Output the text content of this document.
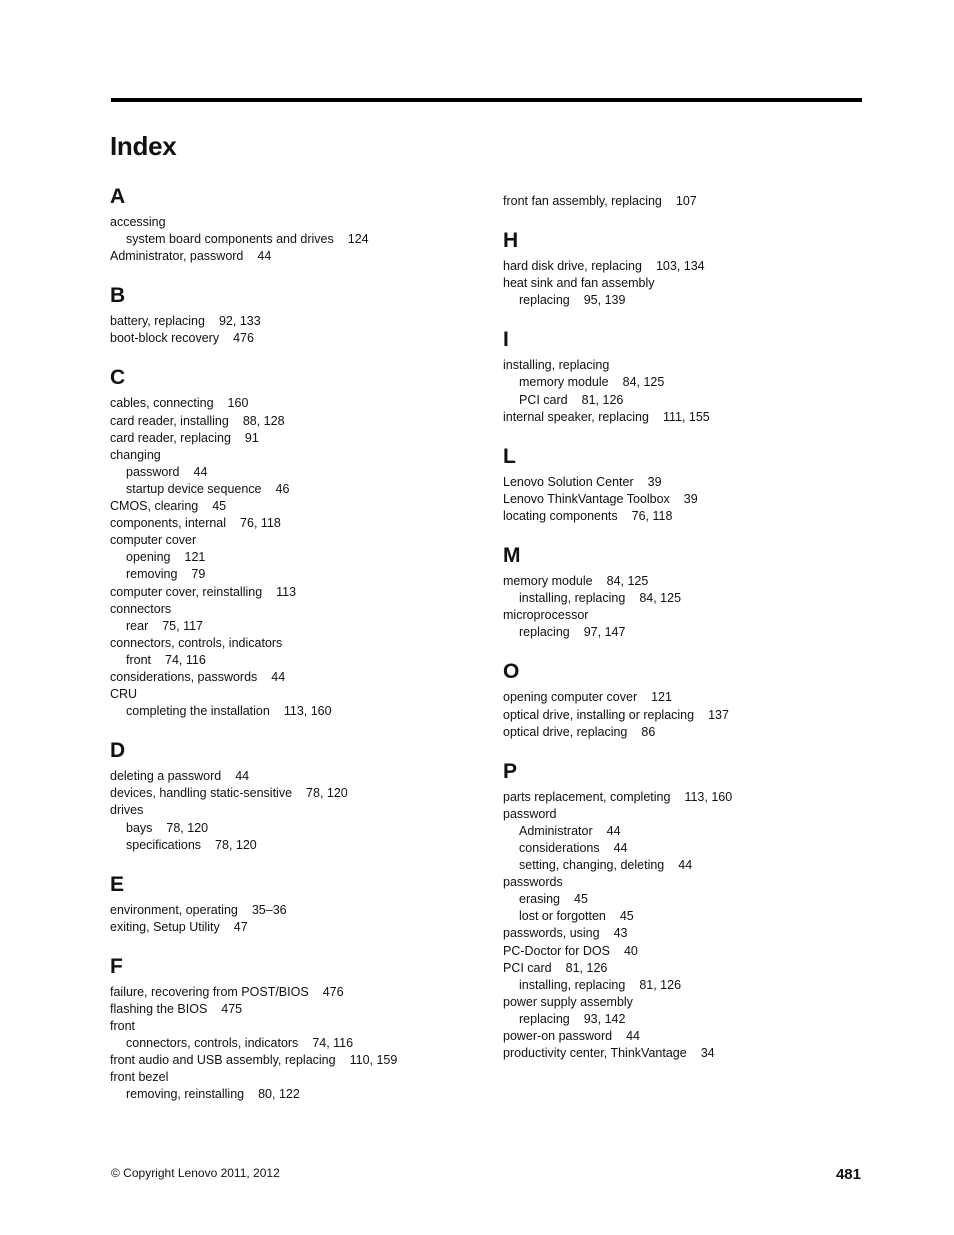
Index
A
accessing
system board components and drives 124
Administrator, password 44
B
battery, replacing 92, 133
boot-block recovery 476
C
cables, connecting 160
card reader, installing 88, 128
card reader, replacing 91
changing
password 44
startup device sequence 46
CMOS, clearing 45
components, internal 76, 118
computer cover
opening 121
removing 79
computer cover, reinstalling 113
connectors
rear 75, 117
connectors, controls, indicators
front 74, 116
considerations, passwords 44
CRU
completing the installation 113, 160
D
deleting a password 44
devices, handling static-sensitive 78, 120
drives
bays 78, 120
specifications 78, 120
E
environment, operating 35–36
exiting, Setup Utility 47
F
failure, recovering from POST/BIOS 476
flashing the BIOS 475
front
connectors, controls, indicators 74, 116
front audio and USB assembly, replacing 110, 159
front bezel
removing, reinstalling 80, 122
front fan assembly, replacing 107
H
hard disk drive, replacing 103, 134
heat sink and fan assembly
replacing 95, 139
I
installing, replacing
memory module 84, 125
PCI card 81, 126
internal speaker, replacing 111, 155
L
Lenovo Solution Center 39
Lenovo ThinkVantage Toolbox 39
locating components 76, 118
M
memory module 84, 125
installing, replacing 84, 125
microprocessor
replacing 97, 147
O
opening computer cover 121
optical drive, installing or replacing 137
optical drive, replacing 86
P
parts replacement, completing 113, 160
password
Administrator 44
considerations 44
setting, changing, deleting 44
passwords
erasing 45
lost or forgotten 45
passwords, using 43
PC-Doctor for DOS 40
PCI card 81, 126
installing, replacing 81, 126
power supply assembly
replacing 93, 142
power-on password 44
productivity center, ThinkVantage 34
© Copyright Lenovo 2011, 2012	481
